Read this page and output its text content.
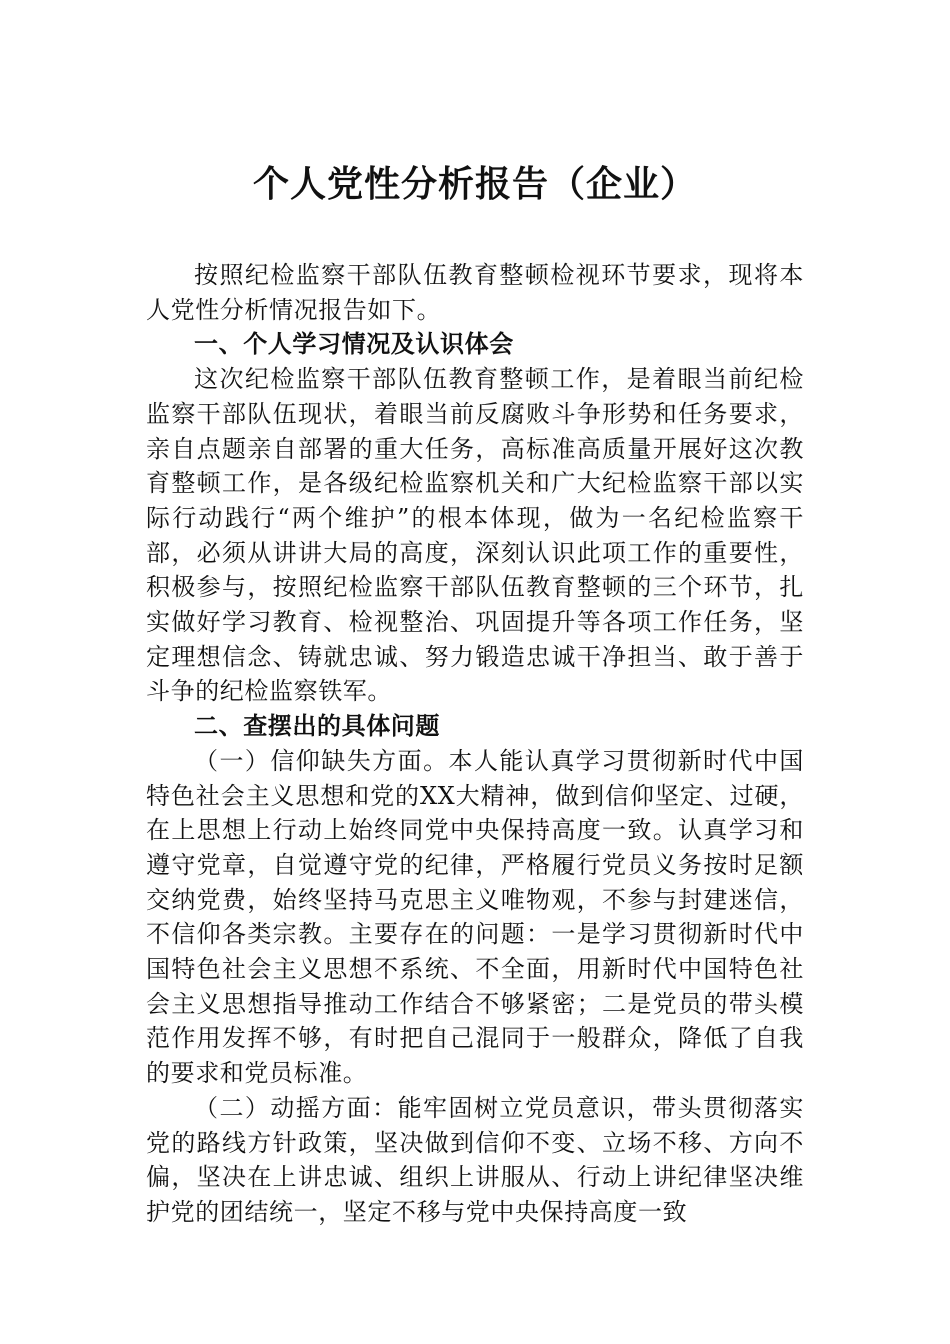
个人党性分析报告（企业）

按照纪检监察干部队伍教育整顿检视环节要求，现将本人党性分析情况报告如下。

一、个人学习情况及认识体会

这次纪检监察干部队伍教育整顿工作，是着眼当前纪检监察干部队伍现状，着眼当前反腐败斗争形势和任务要求，亲自点题亲自部署的重大任务，高标准高质量开展好这次教育整顿工作，是各级纪检监察机关和广大纪检监察干部以实际行动践行“两个维护”的根本体现，做为一名纪检监察干部，必须从讲讲大局的高度，深刻认识此项工作的重要性，积极参与，按照纪检监察干部队伍教育整顿的三个环节，扎实做好学习教育、检视整治、巩固提升等各项工作任务，坚定理想信念、铸就忠诚、努力锻造忠诚干净担当、敢于善于斗争的纪检监察铁军。

二、查摆出的具体问题

（一）信仰缺失方面。本人能认真学习贯彻新时代中国特色社会主义思想和党的XX大精神，做到信仰坚定、过硬，在上思想上行动上始终同党中央保持高度一致。认真学习和遵守党章，自觉遵守党的纪律，严格履行党员义务按时足额交纳党费，始终坚持马克思主义唯物观，不参与封建迷信，不信仰各类宗教。主要存在的问题：一是学习贯彻新时代中国特色社会主义思想不系统、不全面，用新时代中国特色社会主义思想指导推动工作结合不够紧密；二是党员的带头模范作用发挥不够，有时把自己混同于一般群众，降低了自我的要求和党员标准。

（二）动摇方面：能牢固树立党员意识，带头贯彻落实党的路线方针政策，坚决做到信仰不变、立场不移、方向不偏，坚决在上讲忠诚、组织上讲服从、行动上讲纪律坚决维护党的团结统一，坚定不移与党中央保持高度一致
